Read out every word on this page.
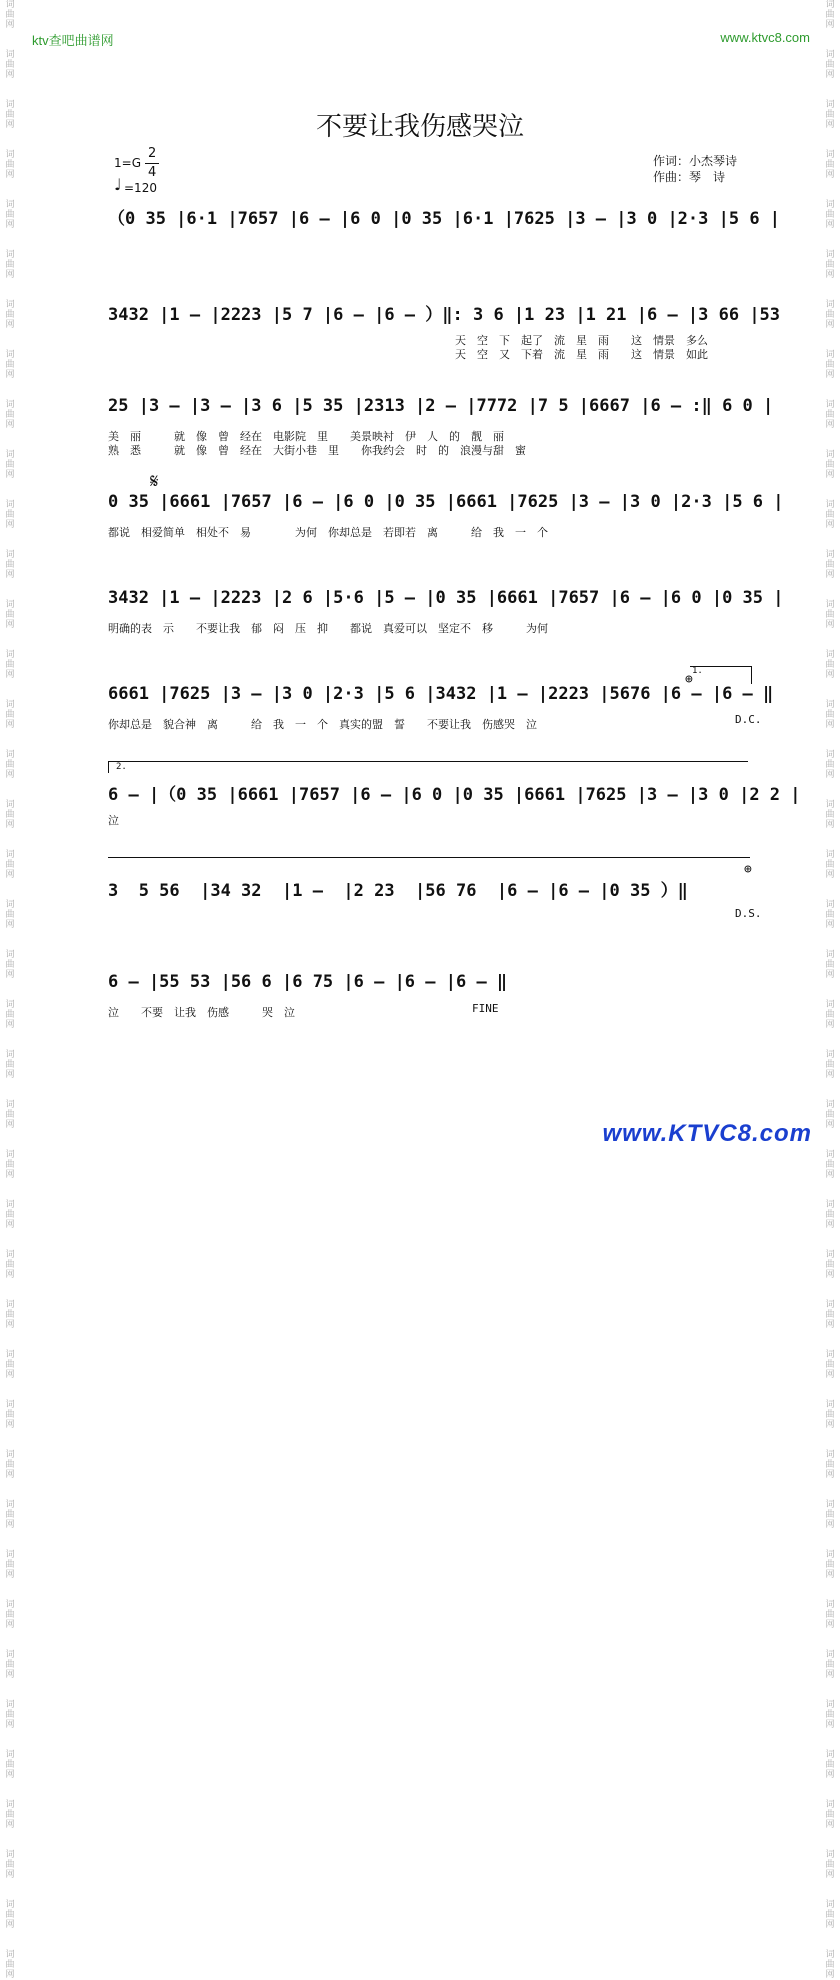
词
曲
网

词
曲
网

词
曲
网

词
曲
网

词
曲
网

词
曲
网

词
曲
网

词
曲
网

词
曲
网

词
曲
网

词
曲
网

词
曲
网

词
曲
网

词
曲
网

词
曲
网

词
曲
网

词
曲
网

词
曲
网

词
曲
网

词
曲
网

词
曲
网

词
曲
网

词
曲
网

词
曲
网

词
曲
网

词
曲
网

词
曲
网

词
曲
网

词
曲
网

词
曲
网

词
曲
网

词
曲
网

词
曲
网

词
曲
网

词
曲
网

词
曲
网

词
曲
网

词
曲
网

词
曲
网

词
曲
网

词
曲
网

词
曲
网

词
曲
网

词
曲
网

词
曲
网

词
曲
网

词
曲
网

词
曲
网

词
曲
网

词
曲
网

词
曲
网

词
曲
网

词
曲
网

词
曲
网

词
曲
网

词
曲
网

词
曲
网

词
曲
网

词
曲
网

词
曲
网

词
曲
网

词
曲
网

词
曲
网

词
曲
网

词
曲
网

词
曲
网

词
曲
网

词
曲
网

词
曲
网

词
曲
网

词
曲
网

词
曲
网

词
曲
网

词
曲
网

词
曲
网

词
曲
网

词
曲
网

词
曲
网

词
曲
网

词
曲
网

ktv查吧曲谱网	www.ktvc8.com
不要让我伤感哭泣
1=G
2
4
♩ =120
作词：小杰琴诗
作曲：琴　诗
（0 35 |6·1 |7657 |6 – |6 0 |0 35 |6·1 |7625 |3 – |3 0 |2·3 |5 6 |
3432 |1 – |2223 |5 7 |6 – |6 – ）‖: 3 6 |1 23 |1 21 |6 – |3 66 |53
天　空　下　起了　流　星　雨　　这　情景　多么
天　空　又　下着　流　星　雨　　这　情景　如此
25 |3 – |3 – |3 6 |5 35 |2313 |2 – |7772 |7 5 |6667 |6 – :‖ 6 0 |
美　丽　　　就　像　曾　经在　电影院　里　　美景映衬　伊　人　的　靓　丽
熟　悉　　　就　像　曾　经在　大街小巷　里　　你我约会　时　的　浪漫与甜　蜜
0 35 |6661 |7657 |6 – |6 0 |0 35 |6661 |7625 |3 – |3 0 |2·3 |5 6 |
都说　相爱简单　相处不　易　　　　为何　你却总是　若即若　离　　　给　我　一　个
3432 |1 – |2223 |2 6 |5·6 |5 – |0 35 |6661 |7657 |6 – |6 0 |0 35 |
明确的表　示　　不要让我　郁　闷　压　抑　　都说　真爱可以　坚定不　移　　　为何
6661 |7625 |3 – |3 0 |2·3 |5 6 |3432 |1 – |2223 |5676 |6 – |6 – ‖
你却总是　貌合神　离　　　给　我　一　个　真实的盟　誓　　不要让我　伤感哭　泣
6 – |（0 35 |6661 |7657 |6 – |6 0 |0 35 |6661 |7625 |3 – |3 0 |2 2 |
泣
3  5 56  |34 32  |1 –  |2 23  |56 76  |6 – |6 – |0 35 ）‖
6 – |55 53 |56 6 |6 75 |6 – |6 – |6 – ‖
泣　　不要　让我　伤感　　　哭　泣
𝄋
⊕
1.
D.C.
2.
⊕
D.S.
FINE
www.KTVC8.com
